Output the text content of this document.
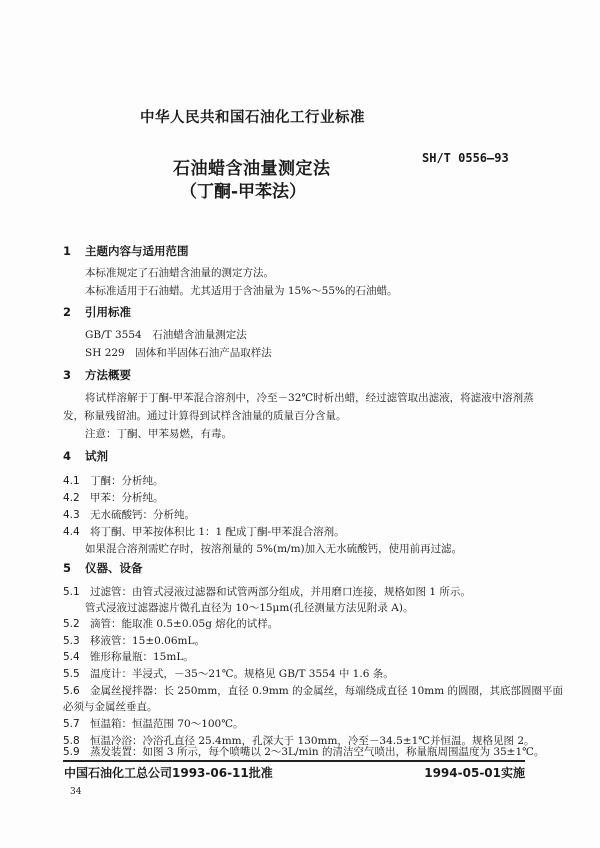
中华人民共和国石油化工行业标准
石油蜡含油量测定法
（丁酮-甲苯法）
SH/T 0556—93
1 主题内容与适用范围
本标准规定了石油蜡含油量的测定方法。
本标准适用于石油蜡。尤其适用于含油量为 15%～55%的石油蜡。
2 引用标准
GB/T 3554　石油蜡含油量测定法
SH 229　固体和半固体石油产品取样法
3 方法概要
将试样溶解于丁酮-甲苯混合溶剂中，冷至－32℃时析出蜡，经过滤管取出滤液，将滤液中溶剂蒸
发，称量残留油。通过计算得到试样含油量的质量百分含量。
注意：丁酮、甲苯易燃，有毒。
4 试剂
4.1 丁酮：分析纯。
4.2 甲苯：分析纯。
4.3 无水硫酸钙：分析纯。
4.4 将丁酮、甲苯按体积比 1：1 配成丁酮-甲苯混合溶剂。
如果混合溶剂需贮存时，按溶剂量的 5%(m/m)加入无水硫酸钙，使用前再过滤。
5 仪器、设备
5.1 过滤管：由管式浸液过滤器和试管两部分组成，并用磨口连接，规格如图 1 所示。
管式浸液过滤器滤片微孔直径为 10～15μm(孔径测量方法见附录 A)。
5.2 滴管：能取准 0.5±0.05g 熔化的试样。
5.3 移液管：15±0.06mL。
5.4 锥形称量瓶：15mL。
5.5 温度计：半浸式，－35～21℃。规格见 GB/T 3554 中 1.6 条。
5.6 金属丝搅拌器：长 250mm，直径 0.9mm 的金属丝，每端绕成直径 10mm 的圆圈，其底部圆圈平面
必须与金属丝垂直。
5.7 恒温箱：恒温范围 70～100℃。
5.8 恒温冷浴：冷浴孔直径 25.4mm，孔深大于 130mm，冷至－34.5±1℃并恒温。规格见图 2。
5.9 蒸发装置：如图 3 所示，每个喷嘴以 2～3L/min 的清洁空气喷出，称量瓶周围温度为 35±1℃。
中国石油化工总公司1993-06-11批准	1994-05-01实施
34
